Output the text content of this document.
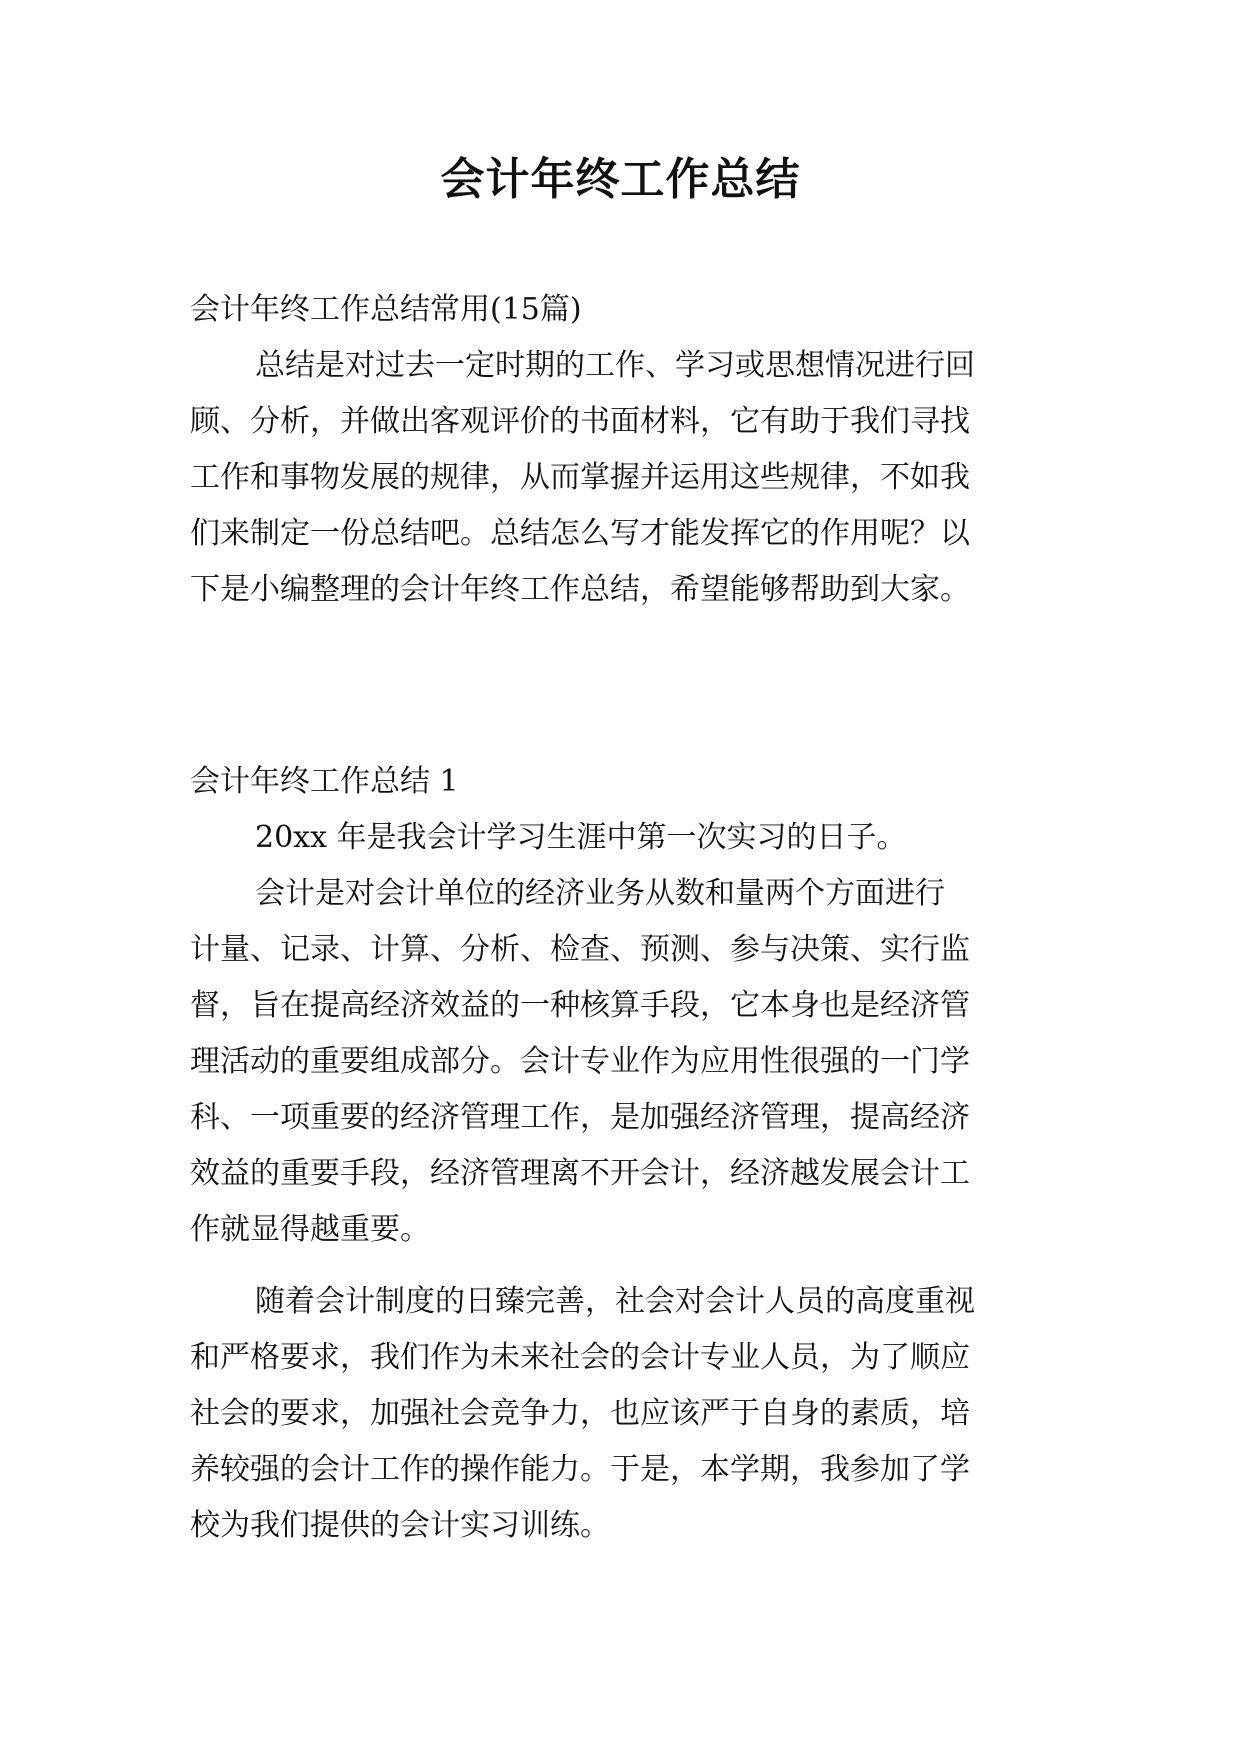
会计年终工作总结

会计年终工作总结常用(15篇)

总结是对过去一定时期的工作、学习或思想情况进行回

顾、分析，并做出客观评价的书面材料，它有助于我们寻找

工作和事物发展的规律，从而掌握并运用这些规律，不如我

们来制定一份总结吧。总结怎么写才能发挥它的作用呢？以

下是小编整理的会计年终工作总结，希望能够帮助到大家。

会计年终工作总结 1

20xx 年是我会计学习生涯中第一次实习的日子。

会计是对会计单位的经济业务从数和量两个方面进行

计量、记录、计算、分析、检查、预测、参与决策、实行监

督，旨在提高经济效益的一种核算手段，它本身也是经济管

理活动的重要组成部分。会计专业作为应用性很强的一门学

科、一项重要的经济管理工作，是加强经济管理，提高经济

效益的重要手段，经济管理离不开会计，经济越发展会计工

作就显得越重要。

随着会计制度的日臻完善，社会对会计人员的高度重视

和严格要求，我们作为未来社会的会计专业人员，为了顺应

社会的要求，加强社会竞争力，也应该严于自身的素质，培

养较强的会计工作的操作能力。于是，本学期，我参加了学

校为我们提供的会计实习训练。
